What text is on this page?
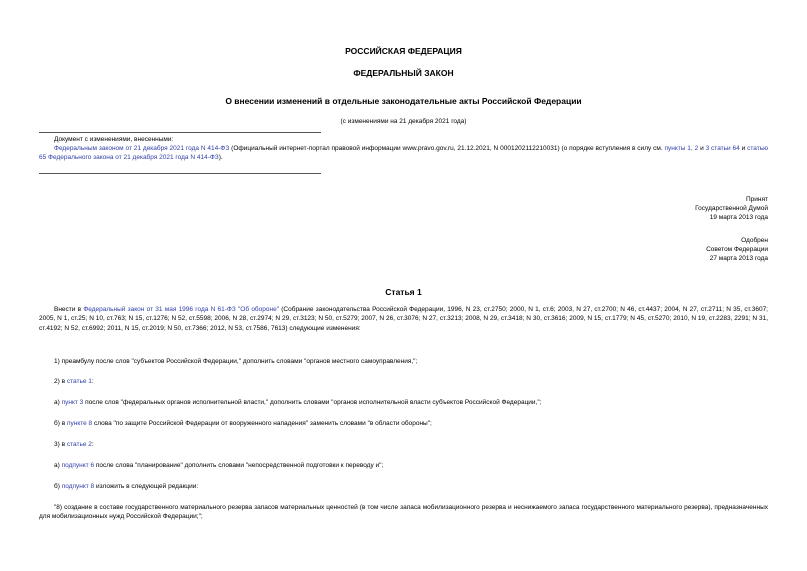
РОССИЙСКАЯ ФЕДЕРАЦИЯ
ФЕДЕРАЛЬНЫЙ ЗАКОН
О внесении изменений в отдельные законодательные акты Российской Федерации
(с изменениями на 21 декабря 2021 года)
Документ с изменениями, внесенными:
Федеральным законом от 21 декабря 2021 года N 414-ФЗ (Официальный интернет-портал правовой информации www.pravo.gov.ru, 21.12.2021, N 0001202112210031) (о порядке вступления в силу см. пункты 1, 2 и 3 статьи 64 и статью 65 Федерального закона от 21 декабря 2021 года N 414-ФЗ).
Принят
Государственной Думой
19 марта 2013 года
Одобрен
Советом Федерации
27 марта 2013 года
Статья 1
Внести в Федеральный закон от 31 мая 1996 года N 61-ФЗ "Об обороне" (Собрание законодательства Российской Федерации, 1996, N 23, ст.2750; 2000, N 1, ст.6; 2003, N 27, ст.2700; N 46, ст.4437; 2004, N 27, ст.2711; N 35, ст.3607; 2005, N 1, ст.25; N 10, ст.763; N 15, ст.1276; N 52, ст.5598; 2006, N 28, ст.2974; N 29, ст.3123; N 50, ст.5279; 2007, N 26, ст.3076; N 27, ст.3213; 2008, N 29, ст.3418; N 30, ст.3616; 2009, N 15, ст.1779; N 45, ст.5270; 2010, N 19, ст.2283, 2291; N 31, ст.4192; N 52, ст.6992; 2011, N 15, ст.2019; N 50, ст.7366; 2012, N 53, ст.7586, 7613) следующие изменения:
1) преамбулу после слов "субъектов Российской Федерации," дополнить словами "органов местного самоуправления,";
2) в статье 1:
а) пункт 3 после слов "федеральных органов исполнительной власти," дополнить словами "органов исполнительной власти субъектов Российской Федерации,";
б) в пункте 8 слова "по защите Российской Федерации от вооруженного нападения" заменить словами "в области обороны";
3) в статье 2:
а) подпункт 6 после слова "планирование" дополнить словами "непосредственной подготовки к переводу и";
б) подпункт 8 изложить в следующей редакции:
"8) создание в составе государственного материального резерва запасов материальных ценностей (в том числе запаса мобилизационного резерва и неснижаемого запаса государственного материального резерва), предназначенных для мобилизационных нужд Российской Федерации;";
